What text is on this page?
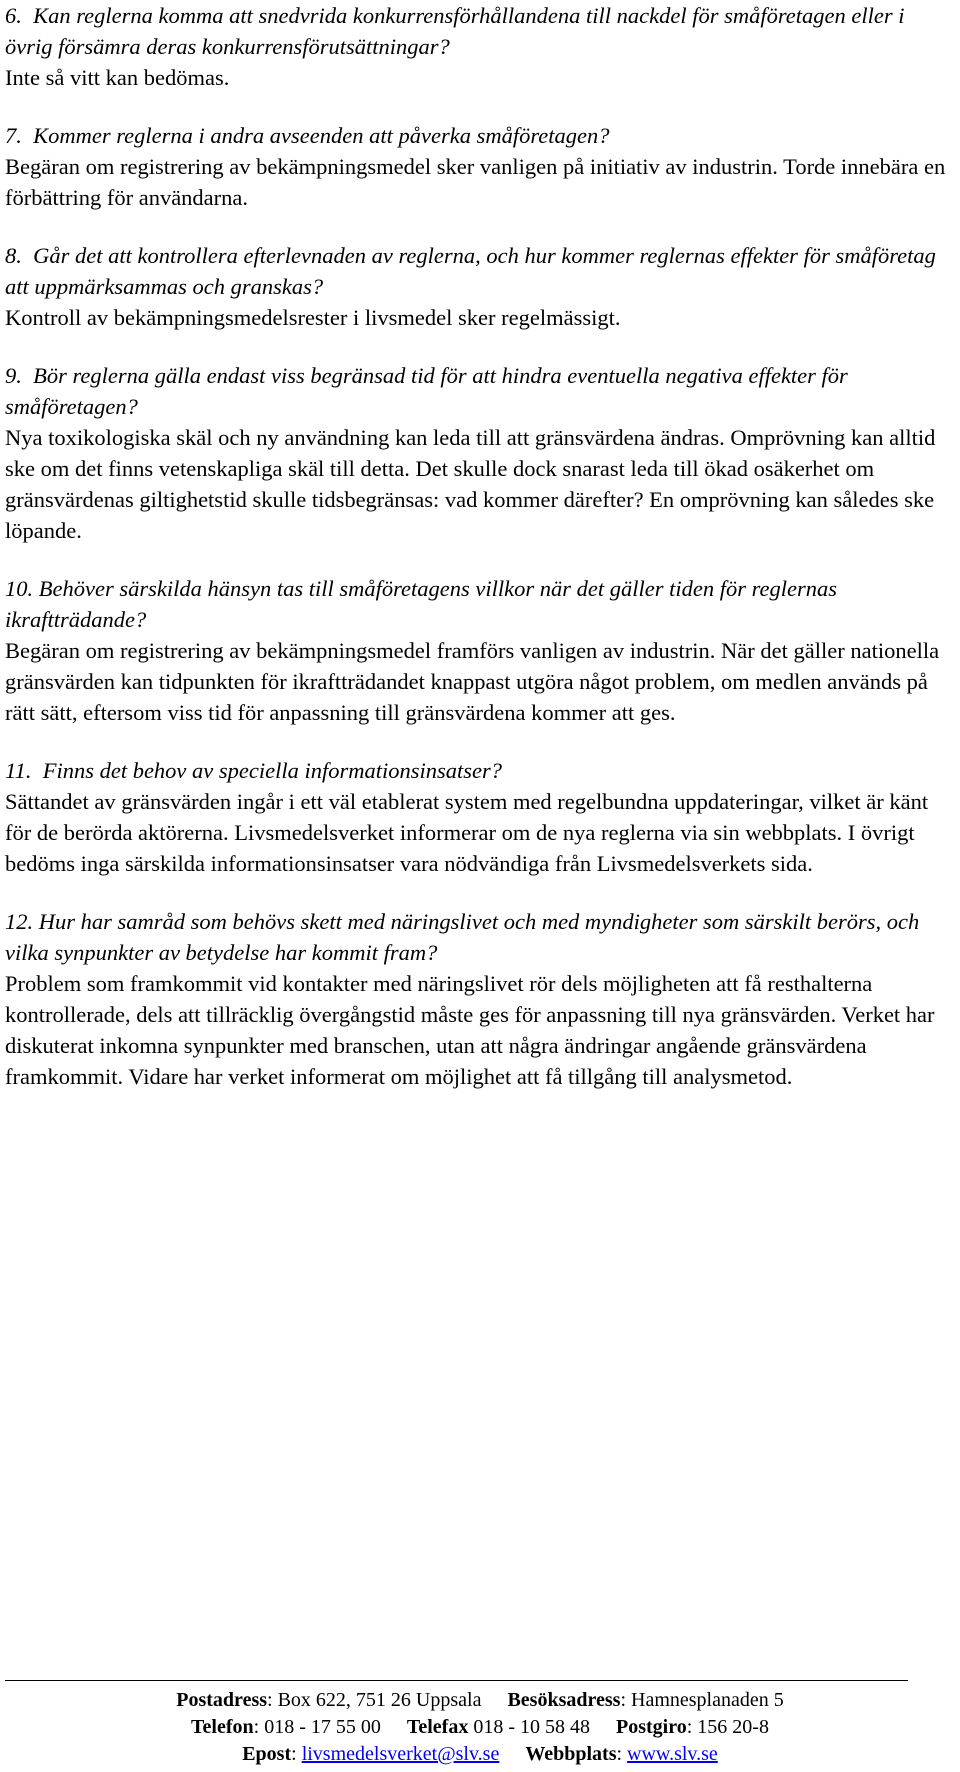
6.  Kan reglerna komma att snedvrida konkurrensförhållandena till nackdel för småföretagen eller i övrig försämra deras konkurrensförutsättningar?
Inte så vitt kan bedömas.
7.  Kommer reglerna i andra avseenden att påverka småföretagen?
Begäran om registrering av bekämpningsmedel sker vanligen på initiativ av industrin. Torde innebära en förbättring för användarna.
8.  Går det att kontrollera efterlevnaden av reglerna, och hur kommer reglernas effekter för småföretag att uppmärksammas och granskas?
Kontroll av bekämpningsmedelsrester i livsmedel sker regelmässigt.
9.  Bör reglerna gälla endast viss begränsad tid för att hindra eventuella negativa effekter för småföretagen?
Nya toxikologiska skäl och ny användning kan leda till att gränsvärdena ändras. Omprövning kan alltid ske om det finns vetenskapliga skäl till detta. Det skulle dock snarast leda till ökad osäkerhet om gränsvärdenas giltighetstid skulle tidsbegränsas: vad kommer därefter? En omprövning kan således ske löpande.
10. Behöver särskilda hänsyn tas till småföretagens villkor när det gäller tiden för reglernas ikraftträdande?
Begäran om registrering av bekämpningsmedel framförs vanligen av industrin. När det gäller nationella gränsvärden kan tidpunkten för ikraftträdandet knappast utgöra något problem, om medlen används på rätt sätt, eftersom viss tid för anpassning till gränsvärdena kommer att ges.
11.  Finns det behov av speciella informationsinsatser?
Sättandet av gränsvärden ingår i ett väl etablerat system med regelbundna uppdateringar, vilket är känt för de berörda aktörerna. Livsmedelsverket informerar om de nya reglerna via sin webbplats. I övrigt bedöms inga särskilda informationsinsatser vara nödvändiga från Livsmedelsverkets sida.
12. Hur har samråd som behövs skett med näringslivet och med myndigheter som särskilt berörs, och vilka synpunkter av betydelse har kommit fram?
Problem som framkommit vid kontakter med näringslivet rör dels möjligheten att få resthalterna kontrollerade, dels att tillräcklig övergångstid måste ges för anpassning till nya gränsvärden. Verket har diskuterat inkomna synpunkter med branschen, utan att några ändringar angående gränsvärdena framkommit. Vidare har verket informerat om möjlighet att få tillgång till analysmetod.
Postadress: Box 622, 751 26 Uppsala Besöksadress: Hamnesplanaden 5
Telefon: 018 - 17 55 00 Telefax 018 - 10 58 48 Postgiro: 156 20-8
Epost: livsmedelsverket@slv.se Webbplats: www.slv.se
